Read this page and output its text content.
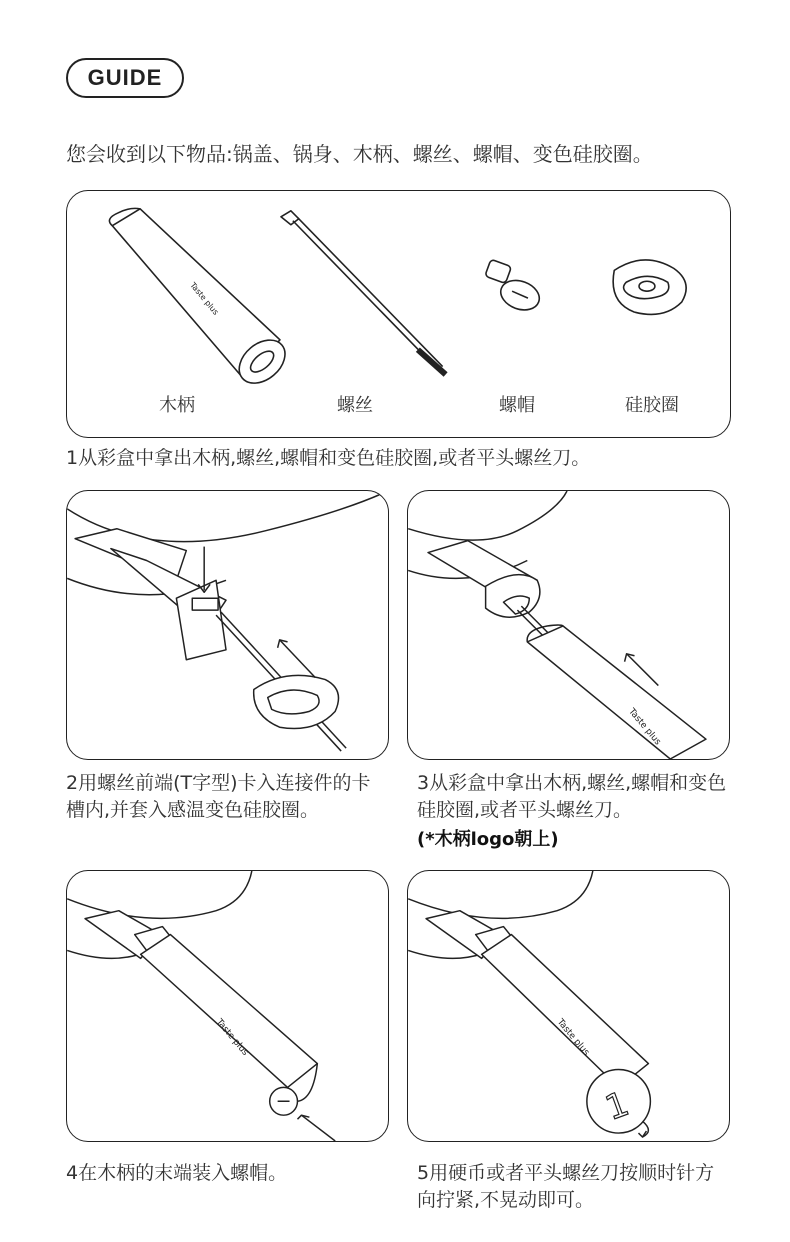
GUIDE
您会收到以下物品:锅盖、锅身、木柄、螺丝、螺帽、变色硅胶圈。
Taste plus
木柄	螺丝	螺帽	硅胶圈
1从彩盒中拿出木柄,螺丝,螺帽和变色硅胶圈,或者平头螺丝刀。
Taste plus
2用螺丝前端(T字型)卡入连接件的卡槽内,并套入感温变色硅胶圈。
3从彩盒中拿出木柄,螺丝,螺帽和变色硅胶圈,或者平头螺丝刀。
(*木柄logo朝上)
Taste plus	Taste plus
1
4在木柄的末端装入螺帽。	5用硬币或者平头螺丝刀按顺时针方向拧紧,不晃动即可。
